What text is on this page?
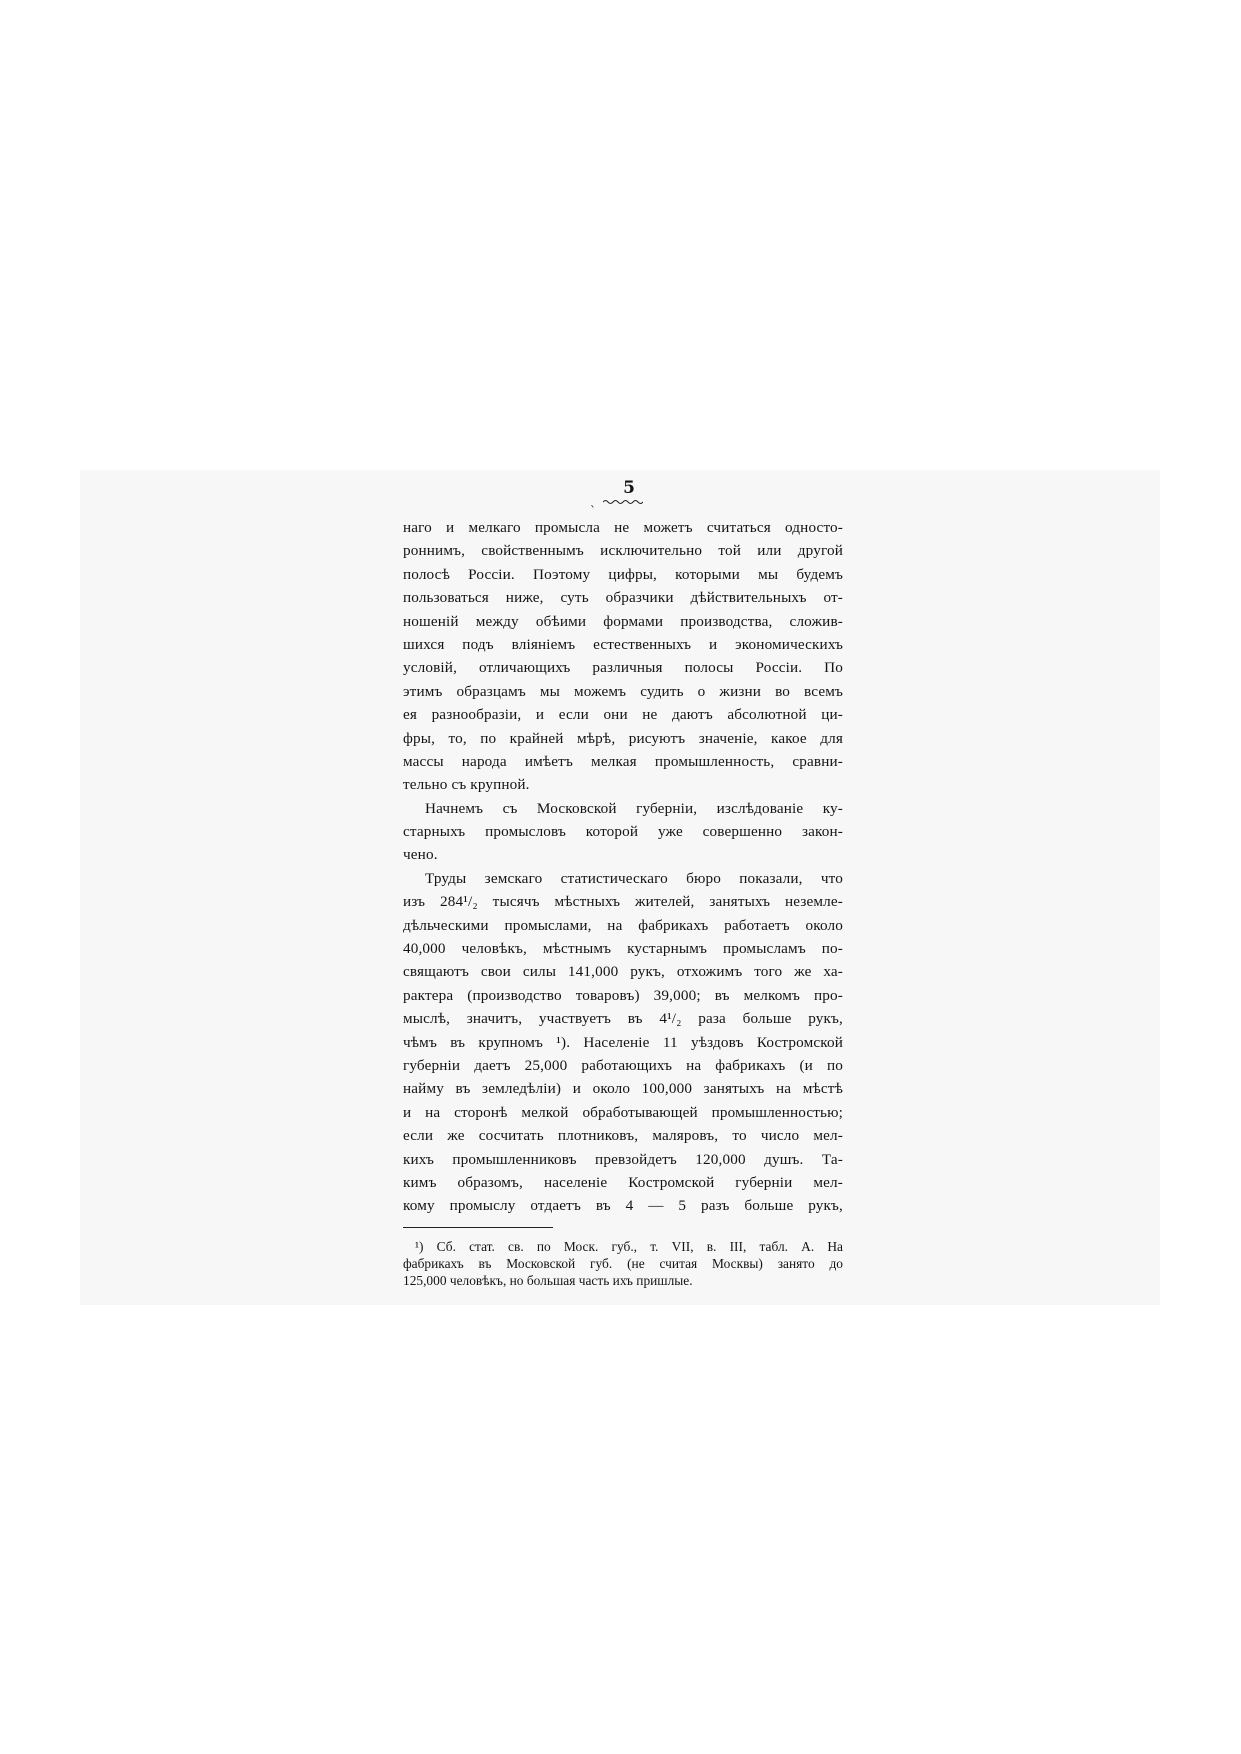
5
ˋ
наго и мелкаго промысла не можетъ считаться односто-
роннимъ, свойственнымъ исключительно той или другой
полосѣ Россіи. Поэтому цифры, которыми мы будемъ
пользоваться ниже, суть образчики дѣйствительныхъ от-
ношеній между обѣими формами производства, сложив-
шихся подъ вліяніемъ естественныхъ и экономическихъ
условій, отличающихъ различныя полосы Россіи. По
этимъ образцамъ мы можемъ судить о жизни во всемъ
ея разнообразіи, и если они не даютъ абсолютной ци-
фры, то, по крайней мѣрѣ, рисуютъ значеніе, какое для
массы народа имѣетъ мелкая промышленность, сравни-
тельно съ крупной.
Начнемъ съ Московской губерніи, изслѣдованіе ку-
старныхъ промысловъ которой уже совершенно закон-
чено.
Труды земскаго статистическаго бюро показали, что
изъ 284¹/₂ тысячъ мѣстныхъ жителей, занятыхъ неземле-
дѣльческими промыслами, на фабрикахъ работаетъ около
40,000 человѣкъ, мѣстнымъ кустарнымъ промысламъ по-
свящаютъ свои силы 141,000 рукъ, отхожимъ того же ха-
рактера (производство товаровъ) 39,000; въ мелкомъ про-
мыслѣ, значитъ, участвуетъ въ 4¹/₂ раза больше рукъ,
чѣмъ въ крупномъ ¹). Населеніе 11 уѣздовъ Костромской
губерніи даетъ 25,000 работающихъ на фабрикахъ (и по
найму въ земледѣліи) и около 100,000 занятыхъ на мѣстѣ
и на сторонѣ мелкой обработывающей промышленностью;
если же сосчитать плотниковъ, маляровъ, то число мел-
кихъ промышленниковъ превзойдетъ 120,000 душъ. Та-
кимъ образомъ, населеніе Костромской губерніи мел-
кому промыслу отдаетъ въ 4 — 5 разъ больше рукъ,
¹) Сб. стат. св. по Моск. губ., т. VII, в. III, табл. А. На
фабрикахъ въ Московской губ. (не считая Москвы) занято до
125,000 человѣкъ, но большая часть ихъ пришлые.
